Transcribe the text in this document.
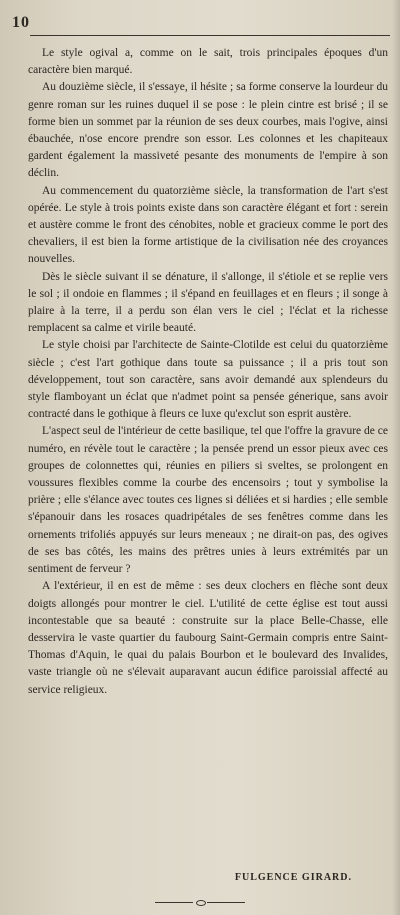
10

Le style ogival a, comme on le sait, trois principales époques d'un caractère bien marqué.

Au douzième siècle, il s'essaye, il hésite ; sa forme conserve la lourdeur du genre roman sur les ruines duquel il se pose : le plein cintre est brisé ; il se forme bien un sommet par la réunion de ses deux courbes, mais l'ogive, ainsi ébauchée, n'ose encore prendre son essor. Les colonnes et les chapiteaux gardent également la massiveté pesante des monuments de l'empire à son déclin.

Au commencement du quatorzième siècle, la transformation de l'art s'est opérée. Le style à trois points existe dans son caractère élégant et fort : serein et austère comme le front des cénobites, noble et gracieux comme le port des chevaliers, il est bien la forme artistique de la civilisation née des croyances nouvelles.

Dès le siècle suivant il se dénature, il s'allonge, il s'étiole et se replie vers le sol ; il ondoie en flammes ; il s'épand en feuillages et en fleurs ; il songe à plaire à la terre, il a perdu son élan vers le ciel ; l'éclat et la richesse remplacent sa calme et virile beauté.

Le style choisi par l'architecte de Sainte-Clotilde est celui du quatorzième siècle ; c'est l'art gothique dans toute sa puissance ; il a pris tout son développement, tout son caractère, sans avoir demandé aux splendeurs du style flamboyant un éclat que n'admet point sa pensée génerique, sans avoir contracté dans le gothique à fleurs ce luxe qu'exclut son esprit austère.

L'aspect seul de l'intérieur de cette basilique, tel que l'offre la gravure de ce numéro, en révèle tout le caractère ; la pensée prend un essor pieux avec ces groupes de colonnettes qui, réunies en piliers si sveltes, se prolongent en voussures flexibles comme la courbe des encensoirs ; tout y symbolise la prière ; elle s'élance avec toutes ces lignes si déliées et si hardies ; elle semble s'épanouir dans les rosaces quadripétales de ses fenêtres comme dans les ornements trifoliés appuyés sur leurs meneaux ; ne dirait-on pas, des ogives de ses bas côtés, les mains des prêtres unies à leurs extrémités par un sentiment de ferveur ?

A l'extérieur, il en est de même : ses deux clochers en flèche sont deux doigts allongés pour montrer le ciel. L'utilité de cette église est tout aussi incontestable que sa beauté : construite sur la place Belle-Chasse, elle desservira le vaste quartier du faubourg Saint-Germain compris entre Saint-Thomas d'Aquin, le quai du palais Bourbon et le boulevard des Invalides, vaste triangle où ne s'élevait auparavant aucun édifice paroissial affecté au service religieux.

FULGENCE GIRARD.
